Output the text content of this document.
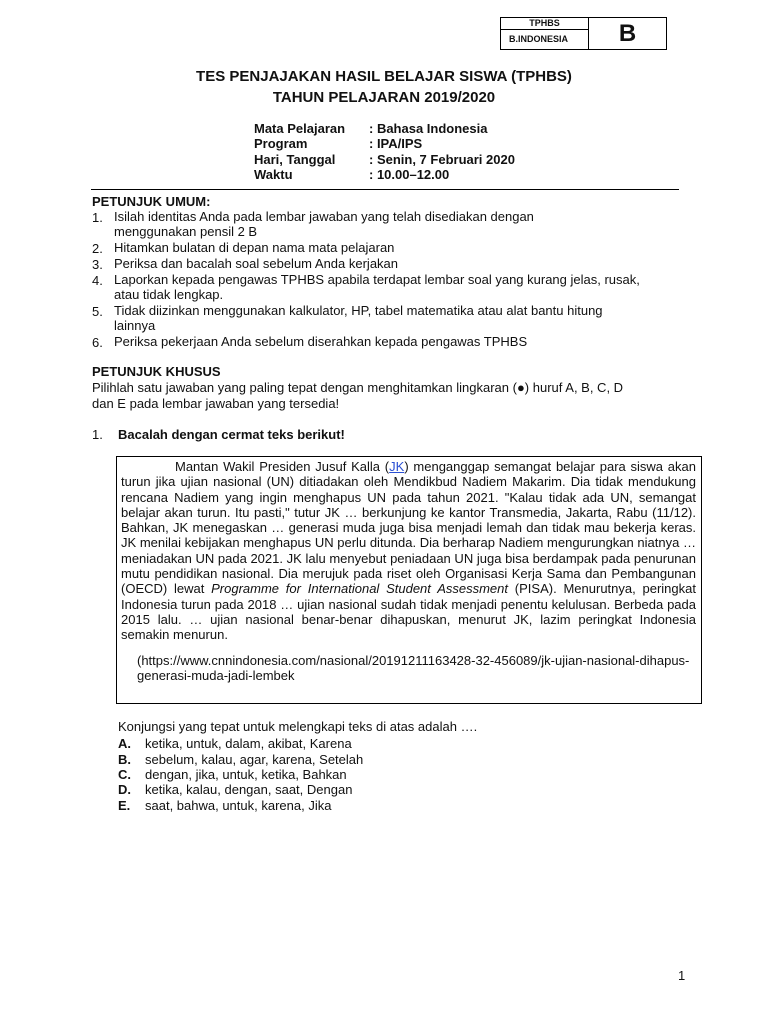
TPHBS
B.INDONESIA	B
TES PENJAJAKAN HASIL BELAJAR SISWA (TPHBS)
TAHUN PELAJARAN 2019/2020
Mata Pelajaran : Bahasa Indonesia
Program	: IPA/IPS
Hari, Tanggal	: Senin, 7 Februari 2020
Waktu	: 10.00–12.00
PETUNJUK UMUM:
1. Isilah identitas Anda pada lembar jawaban yang telah disediakan dengan
menggunakan pensil 2 B
2. Hitamkan bulatan di depan nama mata pelajaran
3. Periksa dan bacalah soal sebelum Anda kerjakan
4. Laporkan kepada pengawas TPHBS apabila terdapat lembar soal yang kurang jelas, rusak,
atau tidak lengkap.
5. Tidak diizinkan menggunakan kalkulator, HP, tabel matematika atau alat bantu hitung
lainnya
6. Periksa pekerjaan Anda sebelum diserahkan kepada pengawas TPHBS
PETUNJUK KHUSUS
Pilihlah satu jawaban yang paling tepat dengan menghitamkan lingkaran (●) huruf A, B, C, D
dan E pada lembar jawaban yang tersedia!
1. Bacalah dengan cermat teks berikut!

Mantan Wakil Presiden Jusuf Kalla (JK) menganggap semangat belajar para siswa akan turun jika ujian nasional (UN) ditiadakan oleh Mendikbud Nadiem Makarim. Dia tidak mendukung rencana Nadiem yang ingin menghapus UN pada tahun 2021. "Kalau tidak ada UN, semangat belajar akan turun. Itu pasti," tutur JK … berkunjung ke kantor Transmedia, Jakarta, Rabu (11/12). Bahkan, JK menegaskan … generasi muda juga bisa menjadi lemah dan tidak mau bekerja keras. JK menilai kebijakan menghapus UN perlu ditunda. Dia berharap Nadiem mengurungkan niatnya … meniadakan UN pada 2021. JK lalu menyebut peniadaan UN juga bisa berdampak pada penurunan mutu pendidikan nasional. Dia merujuk pada riset oleh Organisasi Kerja Sama dan Pembangunan (OECD) lewat Programme for International Student Assessment (PISA). Menurutnya, peringkat Indonesia turun pada 2018 … ujian nasional sudah tidak menjadi penentu kelulusan. Berbeda pada 2015 lalu. … ujian nasional benar-benar dihapuskan, menurut JK, lazim peringkat Indonesia semakin menurun.

(https://www.cnnindonesia.com/nasional/20191211163428-32-456089/jk-ujian-nasional-dihapus-generasi-muda-jadi-lembek
Konjungsi yang tepat untuk melengkapi teks di atas adalah ….
A. ketika, untuk, dalam, akibat, Karena
B. sebelum, kalau, agar, karena, Setelah
C. dengan, jika, untuk, ketika, Bahkan
D. ketika, kalau, dengan, saat, Dengan
E. saat, bahwa, untuk, karena, Jika
1
